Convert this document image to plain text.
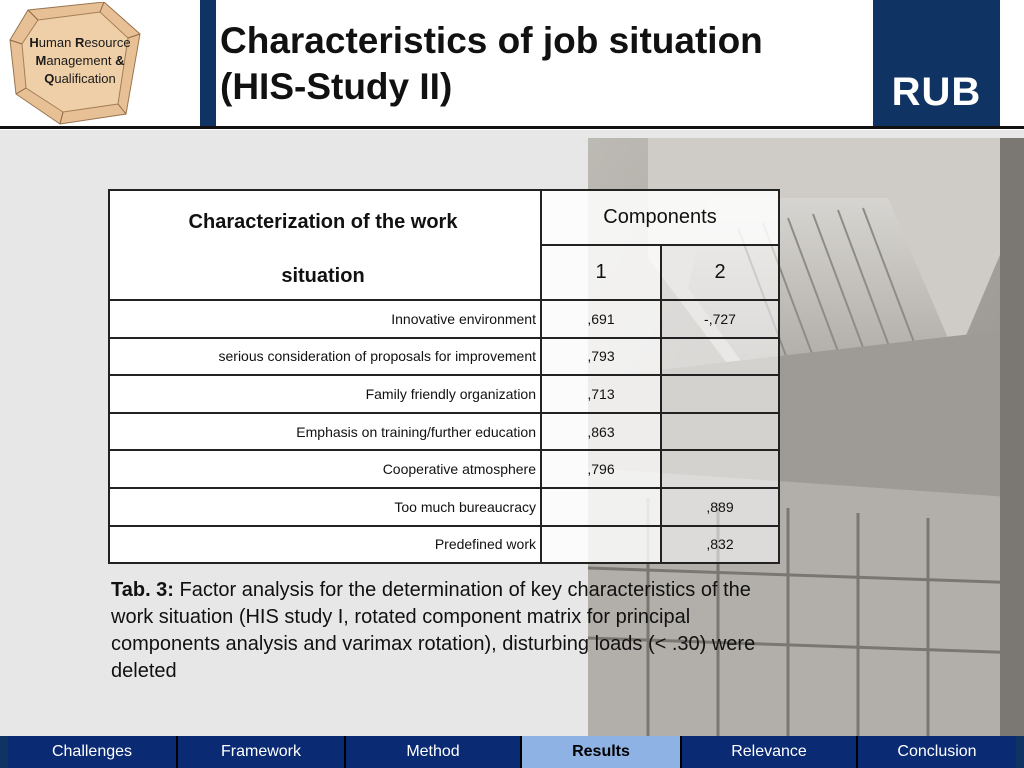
Human Resource
Management &
Qualification
Characteristics of job situation
(HIS-Study II)	RUB
Characterization of the work
situation	Components	
	1	2
Innovative environment	,691	-,727
serious consideration of proposals for improvement	,793	
Family friendly organization	,713	
Emphasis on training/further education	,863	
Cooperative atmosphere	,796	
Too much bureaucracy		,889
Predefined work		,832
Tab. 3: Factor analysis for the determination of key characteristics of the work situation (HIS study I, rotated component matrix for principal components analysis and varimax rotation), disturbing loads (< .30) were deleted
Challenges	Framework	Method	Results	Relevance	Conclusion
